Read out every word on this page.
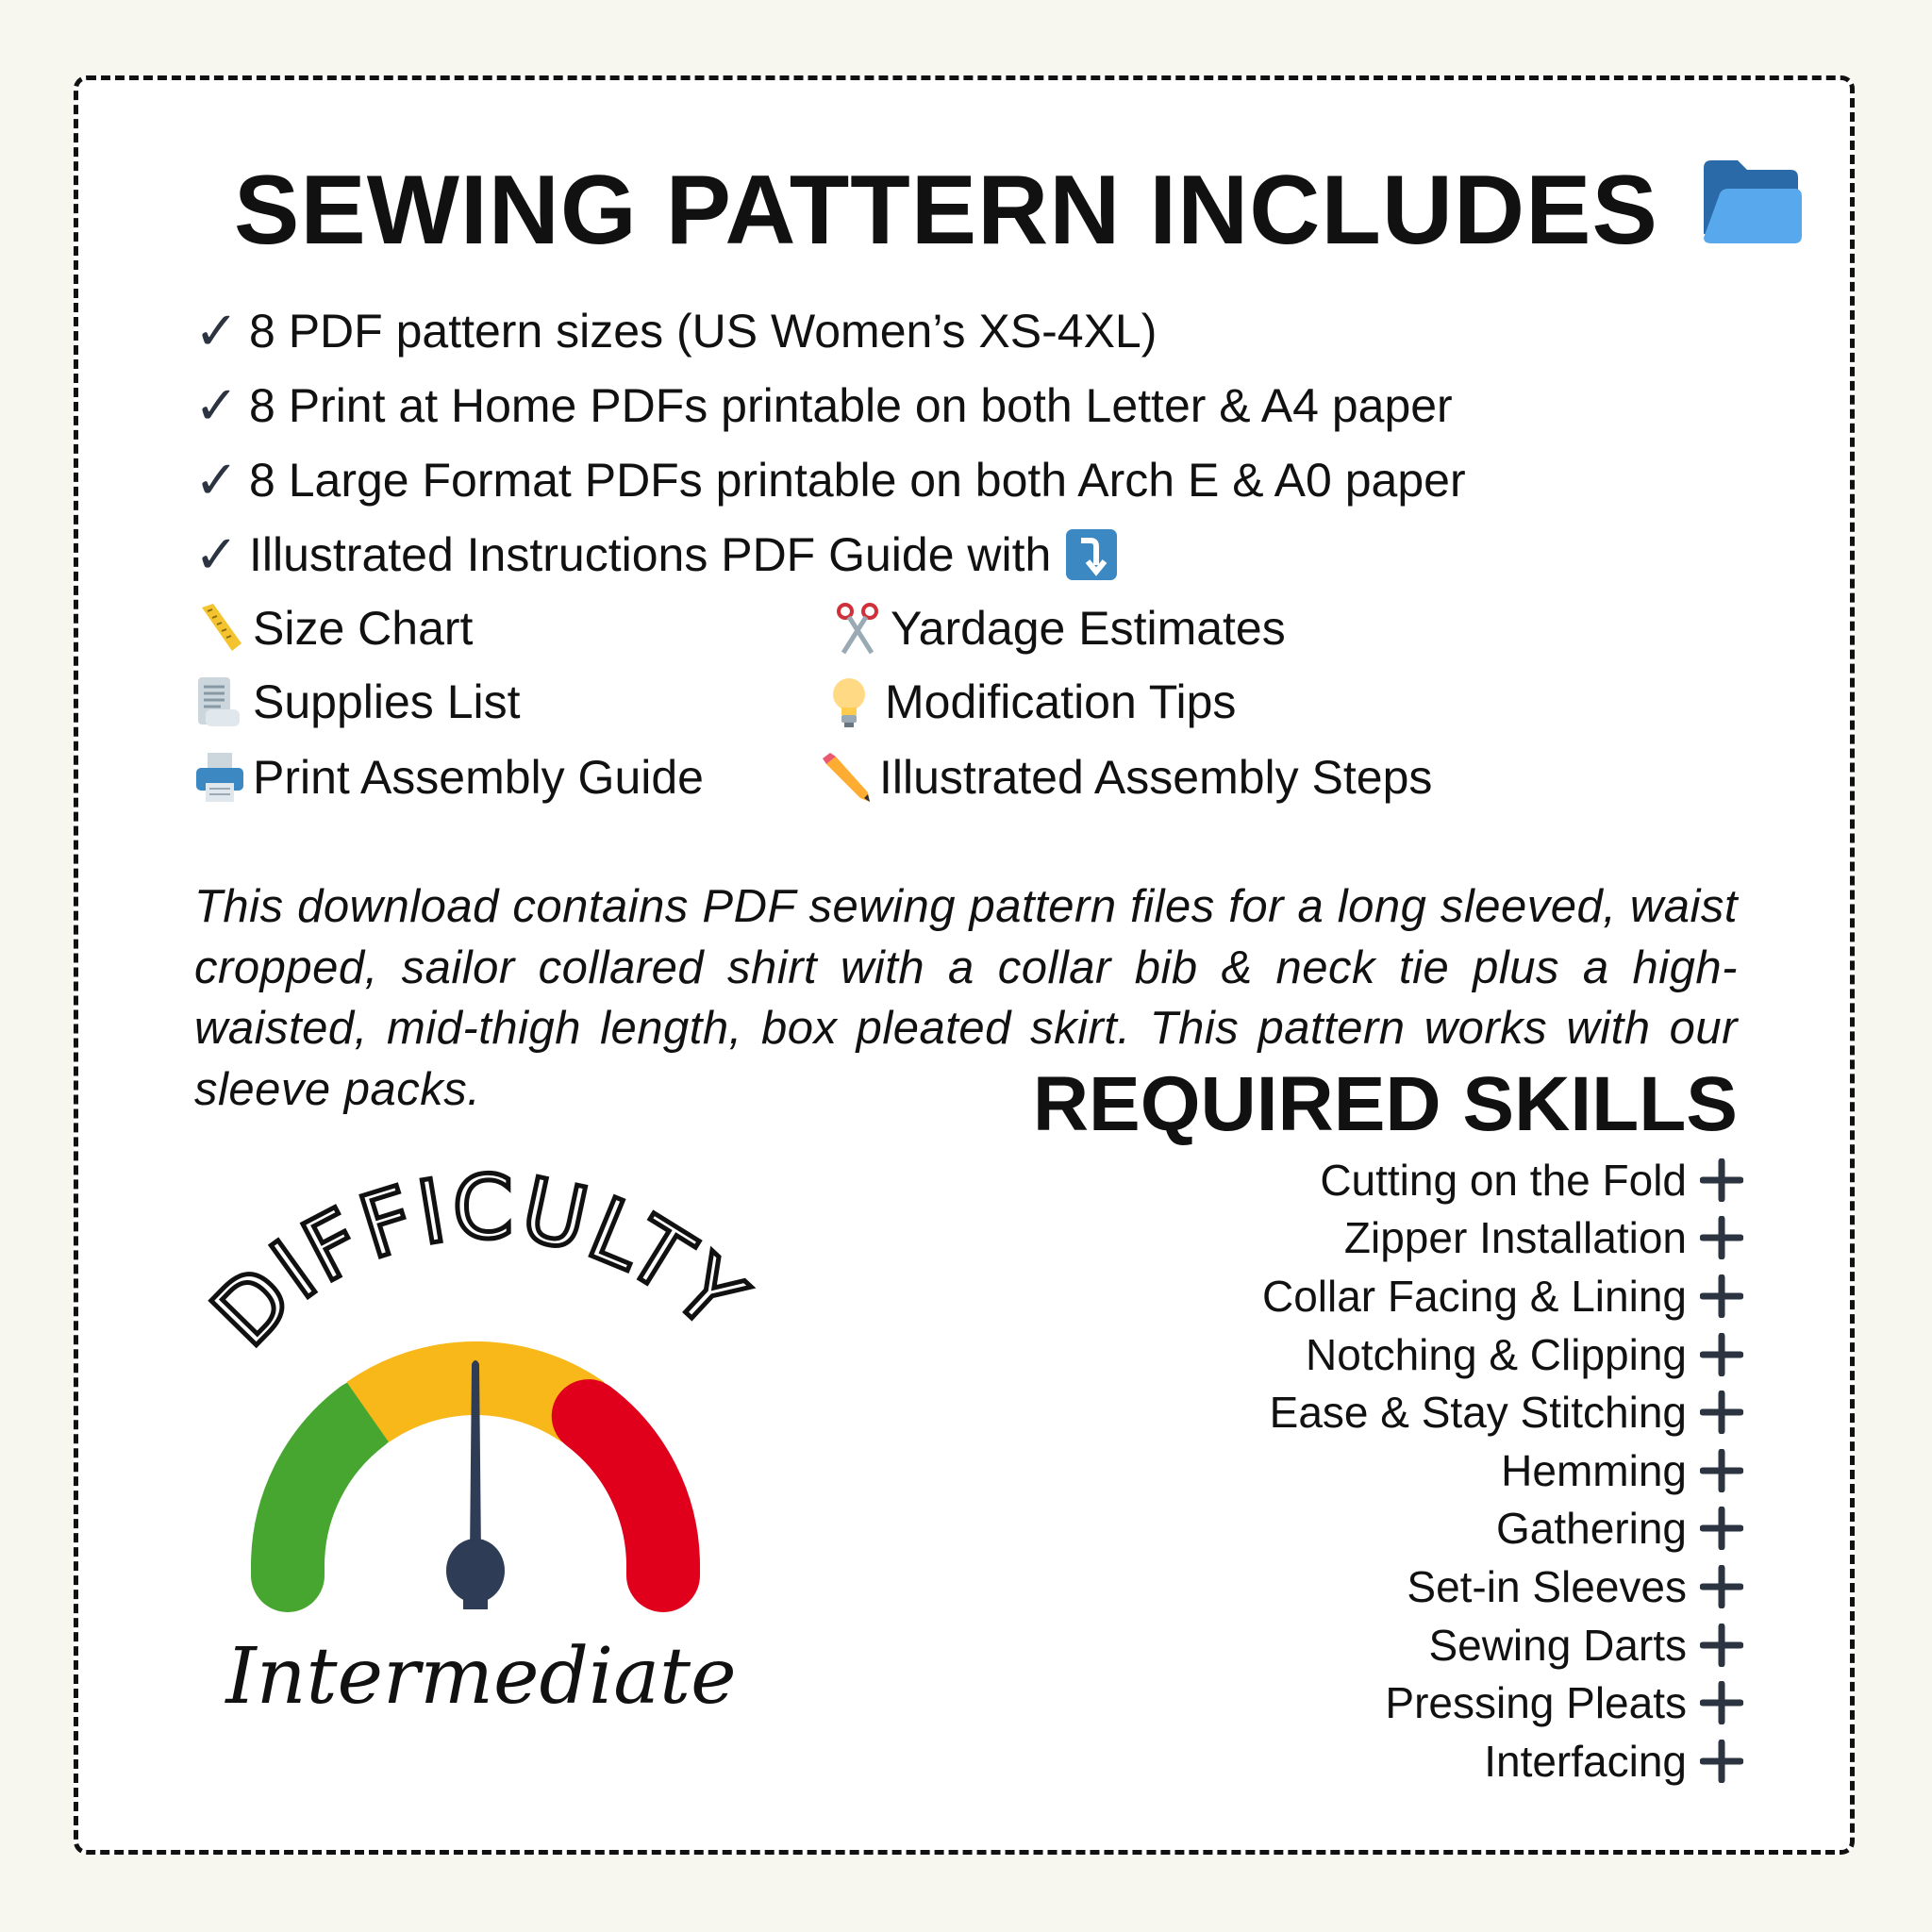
SEWING PATTERN INCLUDES
✓ 8 PDF pattern sizes (US Women’s XS-4XL)
✓ 8 Print at Home PDFs printable on both Letter & A4 paper
✓ 8 Large Format PDFs printable on both Arch E & A0 paper
✓ Illustrated Instructions PDF Guide with
Size Chart	Yardage Estimates
Supplies List	Modification Tips
Print Assembly Guide	Illustrated Assembly Steps

This download contains PDF sewing pattern files for a long sleeved, waist cropped, sailor collared shirt with a collar bib & neck tie plus a high-waisted, mid-thigh length, box pleated skirt. This pattern works with our sleeve packs.	REQUIRED SKILLS
Cutting on the Fold
Zipper Installation
Collar Facing & Lining
Notching & Clipping
Ease & Stay Stitching
Hemming
Gathering
Set-in Sleeves
Sewing Darts
Pressing Pleats
Interfacing
DIFFICULTY
Intermediate
